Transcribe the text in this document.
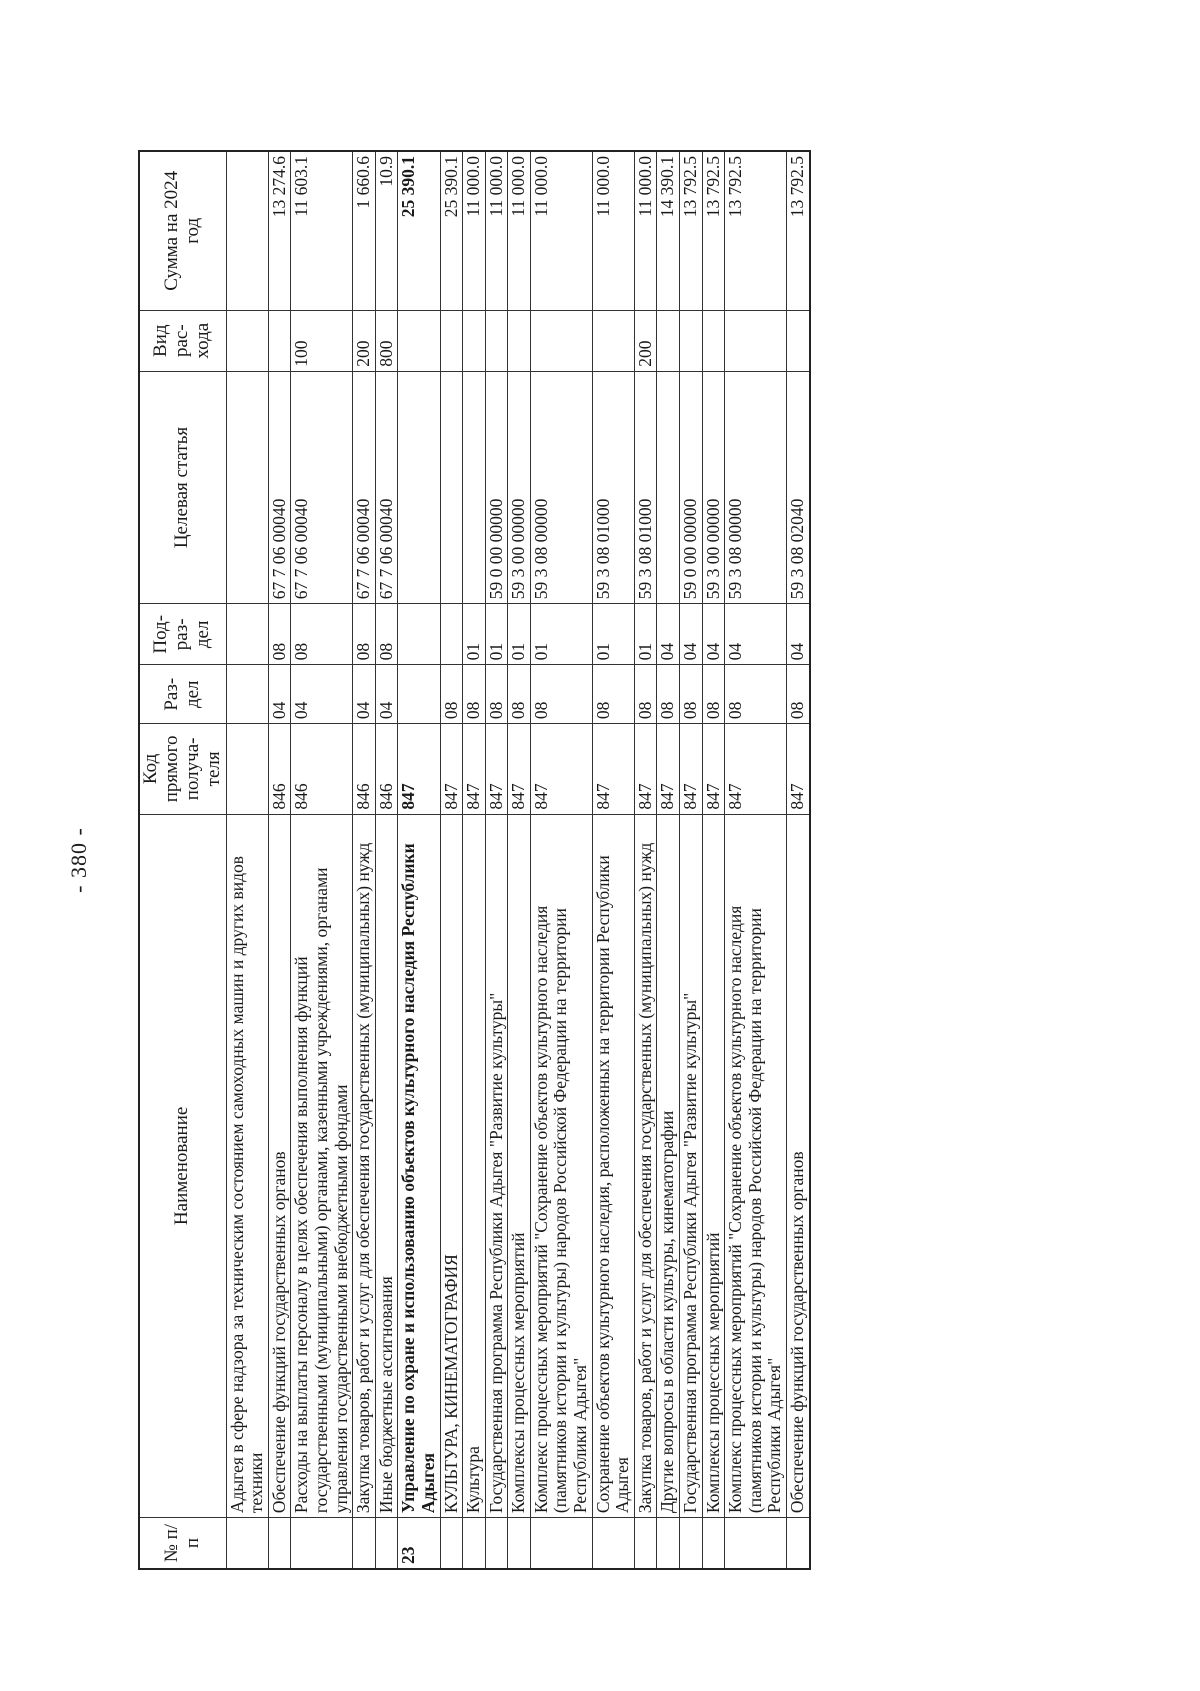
- 380 -
№ п/п	Наименование	Код прямого получа-теля	Раз-дел	Под-раз-дел	Целевая статья	Вид рас-хода	Сумма на 2024 год
	Адыгея в сфере надзора за техническим состоянием самоходных машин и других видов техники						
	Обеспечение функций государственных органов	846	04	08	67 7 06 00040		13 274.6
	Расходы на выплаты персоналу в целях обеспечения выполнения функций государственными (муниципальными) органами, казенными учреждениями, органами управления государственными внебюджетными фондами	846	04	08	67 7 06 00040	100	11 603.1
	Закупка товаров, работ и услуг для обеспечения государственных (муниципальных) нужд	846	04	08	67 7 06 00040	200	1 660.6
	Иные бюджетные ассигнования	846	04	08	67 7 06 00040	800	10.9
23	Управление по охране и использованию объектов культурного наследия Республики Адыгея	847					25 390.1
	КУЛЬТУРА, КИНЕМАТОГРАФИЯ	847	08				25 390.1
	Культура	847	08	01			11 000.0
	Государственная программа Республики Адыгея "Развитие культуры"	847	08	01	59 0 00 00000		11 000.0
	Комплексы процессных мероприятий	847	08	01	59 3 00 00000		11 000.0
	Комплекс процессных мероприятий "Сохранение объектов культурного наследия (памятников истории и культуры) народов Российской Федерации на территории Республики Адыгея"	847	08	01	59 3 08 00000		11 000.0
	Сохранение объектов культурного наследия, расположенных на территории Республики Адыгея	847	08	01	59 3 08 01000		11 000.0
	Закупка товаров, работ и услуг для обеспечения государственных (муниципальных) нужд	847	08	01	59 3 08 01000	200	11 000.0
	Другие вопросы в области культуры, кинематографии	847	08	04			14 390.1
	Государственная программа Республики Адыгея "Развитие культуры"	847	08	04	59 0 00 00000		13 792.5
	Комплексы процессных мероприятий	847	08	04	59 3 00 00000		13 792.5
	Комплекс процессных мероприятий "Сохранение объектов культурного наследия (памятников истории и культуры) народов Российской Федерации на территории Республики Адыгея"	847	08	04	59 3 08 00000		13 792.5
	Обеспечение функций государственных органов	847	08	04	59 3 08 02040		13 792.5
